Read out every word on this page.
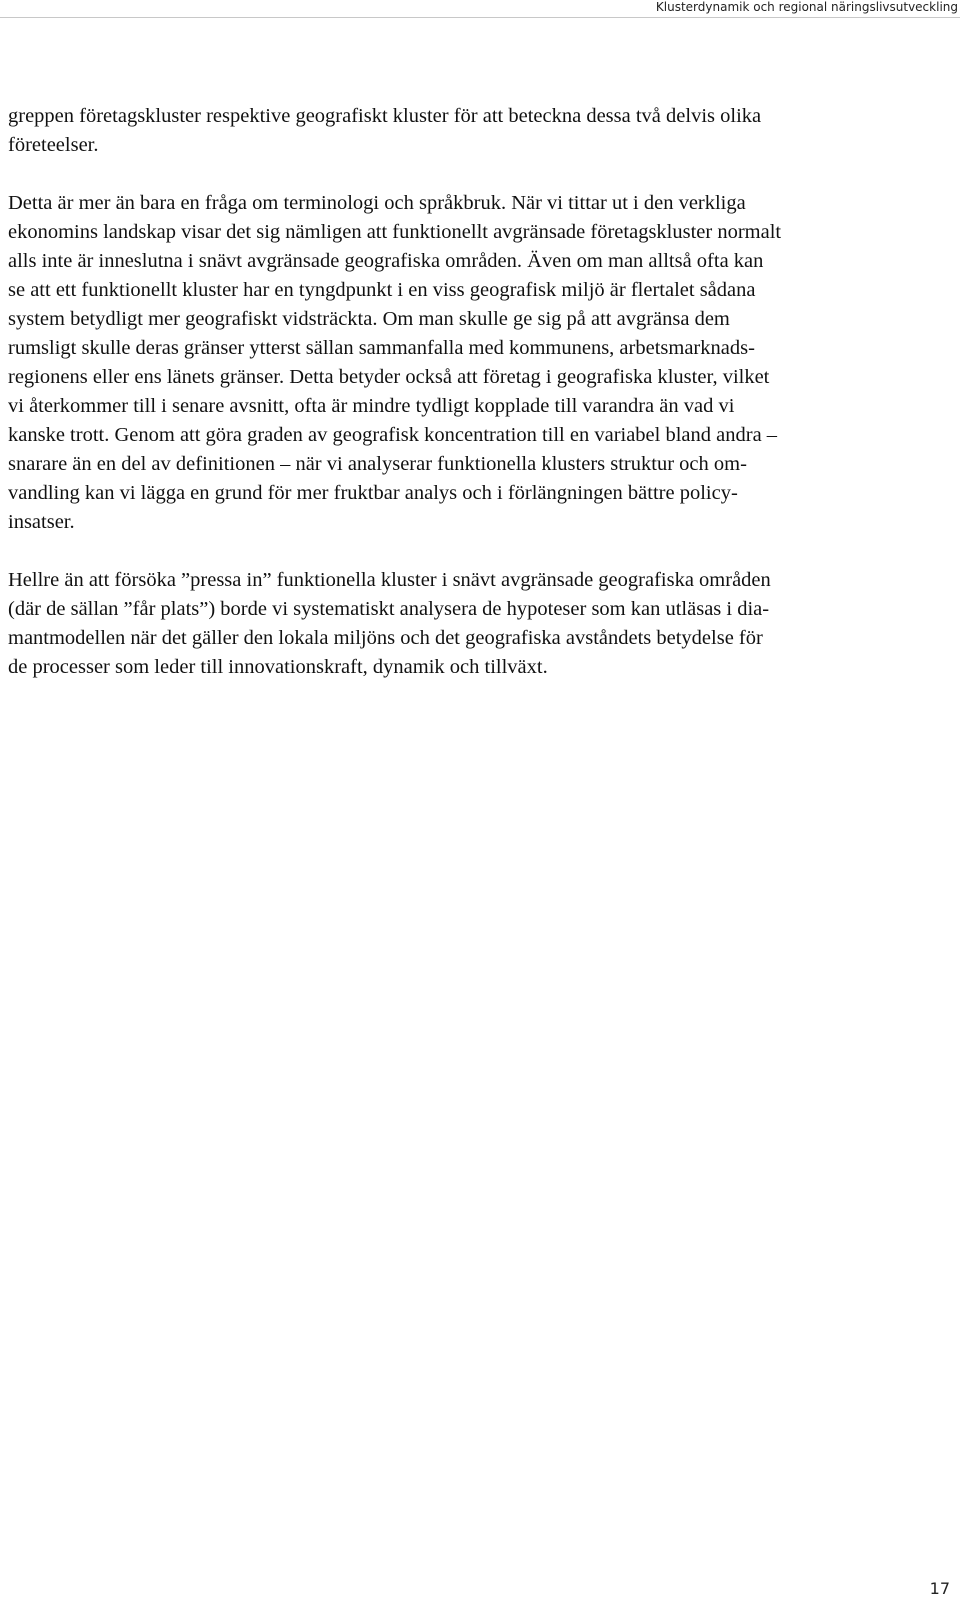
Klusterdynamik och regional näringslivsutveckling

greppen företagskluster respektive geografiskt kluster för att beteckna dessa två delvis olika
företeelser.

Detta är mer än bara en fråga om terminologi och språkbruk. När vi tittar ut i den verkliga
ekonomins landskap visar det sig nämligen att funktionellt avgränsade företagskluster normalt
alls inte är inneslutna i snävt avgränsade geografiska områden. Även om man alltså ofta kan
se att ett funktionellt kluster har en tyngdpunkt i en viss geografisk miljö är flertalet sådana
system betydligt mer geografiskt vidsträckta. Om man skulle ge sig på att avgränsa dem
rumsligt skulle deras gränser ytterst sällan sammanfalla med kommunens, arbetsmarknads-
regionens eller ens länets gränser. Detta betyder också att företag i geografiska kluster, vilket
vi återkommer till i senare avsnitt, ofta är mindre tydligt kopplade till varandra än vad vi
kanske trott. Genom att göra graden av geografisk koncentration till en variabel bland andra –
snarare än en del av definitionen – när vi analyserar funktionella klusters struktur och om-
vandling kan vi lägga en grund för mer fruktbar analys och i förlängningen bättre policy-
insatser.

Hellre än att försöka ”pressa in” funktionella kluster i snävt avgränsade geografiska områden
(där de sällan ”får plats”) borde vi systematiskt analysera de hypoteser som kan utläsas i dia-
mantmodellen när det gäller den lokala miljöns och det geografiska avståndets betydelse för
de processer som leder till innovationskraft, dynamik och tillväxt.

17
